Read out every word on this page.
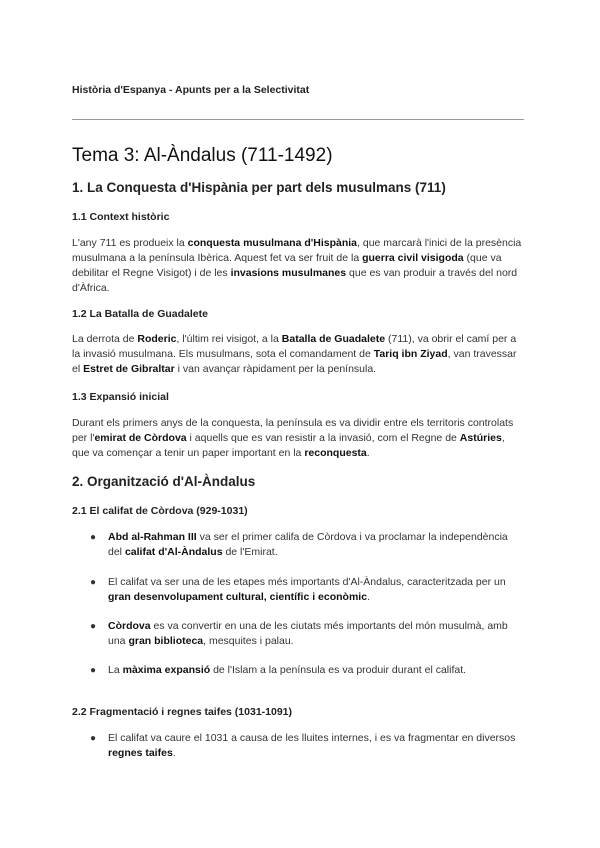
Història d'Espanya - Apunts per a la Selectivitat
Tema 3: Al-Àndalus (711-1492)
1. La Conquesta d'Hispània per part dels musulmans (711)
1.1 Context històric

L'any 711 es produeix la conquesta musulmana d'Hispània, que marcarà l'inici de la presència musulmana a la península Ibèrica. Aquest fet va ser fruit de la guerra civil visigoda (que va debilitar el Regne Visigot) i de les invasions musulmanes que es van produir a través del nord d'Àfrica.

1.2 La Batalla de Guadalete

La derrota de Roderic, l'últim rei visigot, a la Batalla de Guadalete (711), va obrir el camí per a la invasió musulmana. Els musulmans, sota el comandament de Tariq ibn Ziyad, van travessar el Estret de Gibraltar i van avançar ràpidament per la península.

1.3 Expansió inicial

Durant els primers anys de la conquesta, la península es va dividir entre els territoris controlats per l'emirat de Còrdova i aquells que es van resistir a la invasió, com el Regne de Astúries, que va començar a tenir un paper important en la reconquesta.

2. Organització d'Al-Àndalus
2.1 El califat de Còrdova (929-1031)
● Abd al-Rahman III va ser el primer califa de Còrdova i va proclamar la independència del califat d'Al-Àndalus de l'Emirat.
● El califat va ser una de les etapes més importants d'Al-Àndalus, caracteritzada per un gran desenvolupament cultural, científic i econòmic.
● Còrdova es va convertir en una de les ciutats més importants del món musulmà, amb una gran biblioteca, mesquites i palau.
● La màxima expansió de l'Islam a la península es va produir durant el califat.
2.2 Fragmentació i regnes taifes (1031-1091)
● El califat va caure el 1031 a causa de les lluites internes, i es va fragmentar en diversos regnes taifes.
